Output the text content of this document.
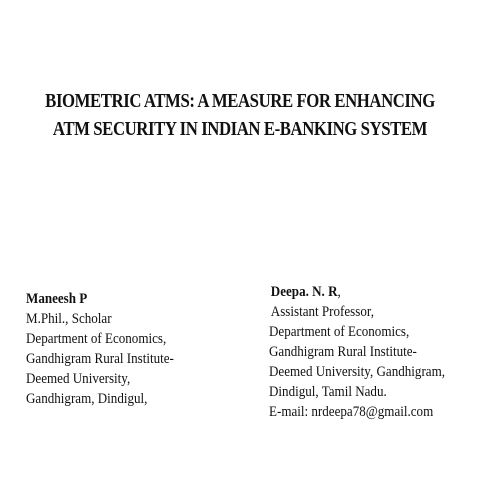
BIOMETRIC ATMS: A MEASURE FOR ENHANCING
ATM SECURITY IN INDIAN E-BANKING SYSTEM
Maneesh P
M.Phil., Scholar
Department of Economics,
Gandhigram Rural Institute-
Deemed University,
Gandhigram, Dindigul,
Deepa. N. R,
Assistant Professor,
Department of Economics,
Gandhigram Rural Institute-
Deemed University, Gandhigram,
Dindigul, Tamil Nadu.
E-mail: nrdeepa78@gmail.com
